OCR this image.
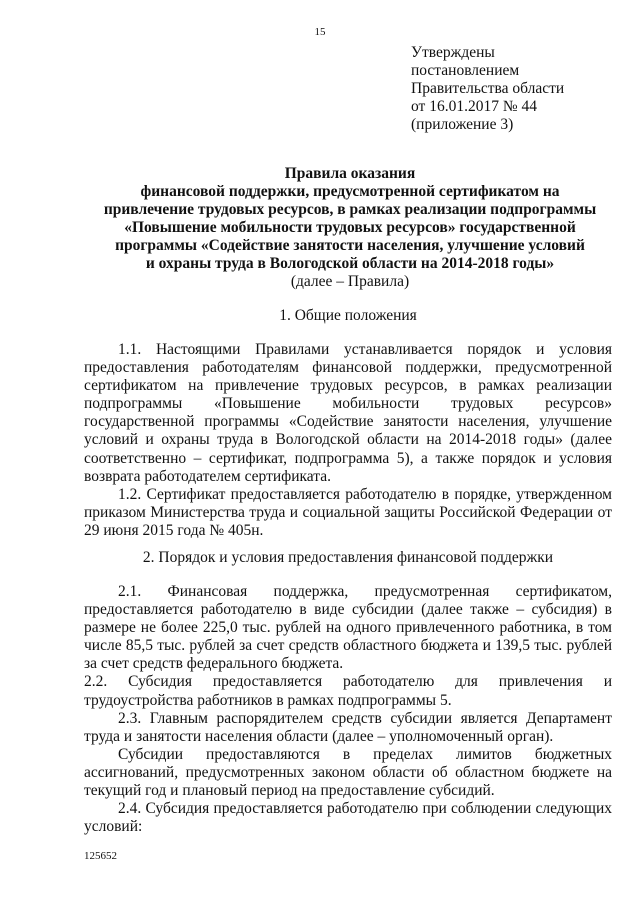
15
Утверждены
постановлением
Правительства области
от 16.01.2017 № 44
(приложение 3)
Правила оказания
финансовой поддержки, предусмотренной сертификатом на
привлечение трудовых ресурсов, в рамках реализации подпрограммы
«Повышение мобильности трудовых ресурсов» государственной
программы «Содействие занятости населения, улучшение условий
и охраны труда в Вологодской области на 2014-2018 годы»
(далее – Правила)
1. Общие положения

1.1. Настоящими Правилами устанавливается порядок и условия предоставления работодателям финансовой поддержки, предусмотренной сертификатом на привлечение трудовых ресурсов, в рамках реализации подпрограммы «Повышение мобильности трудовых ресурсов» государственной программы «Содействие занятости населения, улучшение условий и охраны труда в Вологодской области на 2014-2018 годы» (далее соответственно – сертификат, подпрограмма 5), а также порядок и условия возврата работодателем сертификата.

1.2. Сертификат предоставляется работодателю в порядке, утвержденном приказом Министерства труда и социальной защиты Российской Федерации от 29 июня 2015 года № 405н.

2. Порядок и условия предоставления финансовой поддержки

2.1. Финансовая поддержка, предусмотренная сертификатом, предоставляется работодателю в виде субсидии (далее также – субсидия) в размере не более 225,0 тыс. рублей на одного привлеченного работника, в том числе 85,5 тыс. рублей за счет средств областного бюджета и 139,5 тыс. рублей за счет средств федерального бюджета.

2.2. Субсидия предоставляется работодателю для привлечения и трудоустройства работников в рамках подпрограммы 5.

2.3. Главным распорядителем средств субсидии является Департамент труда и занятости населения области (далее – уполномоченный орган).

Субсидии предоставляются в пределах лимитов бюджетных ассигнований, предусмотренных законом области об областном бюджете на текущий год и плановый период на предоставление субсидий.

2.4. Субсидия предоставляется работодателю при соблюдении следующих условий:

125652
